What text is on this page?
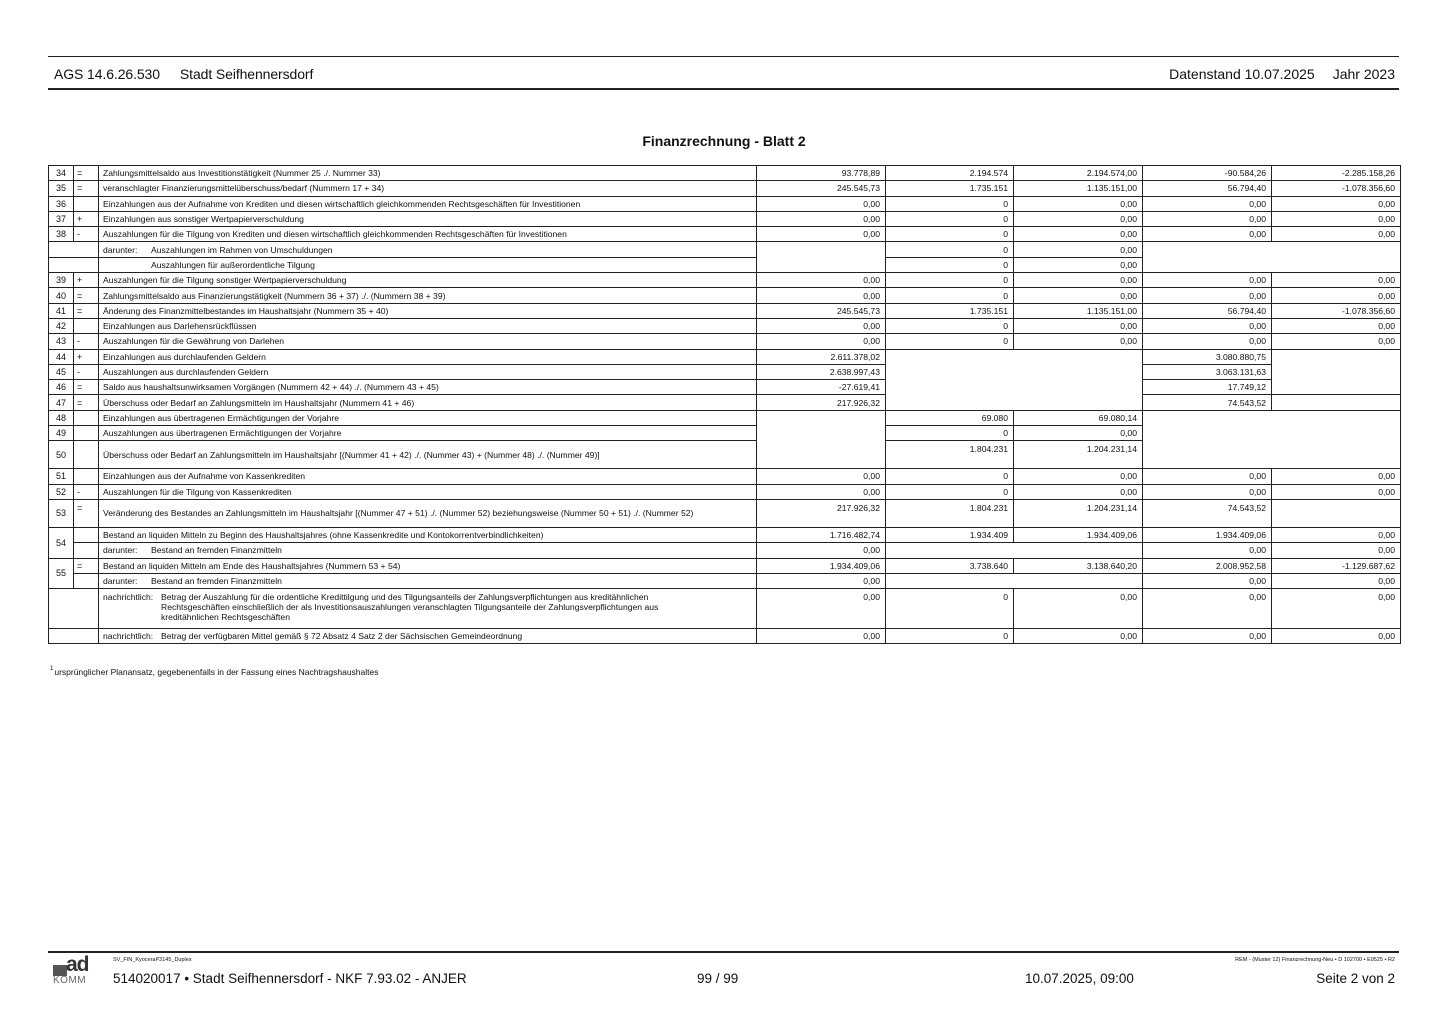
AGS 14.6.26.530 Stadt Seifhennersdorf	Datenstand 10.07.2025 Jahr 2023
Finanzrechnung - Blatt 2
34	=	Zahlungsmittelsaldo aus Investitionstätigkeit (Nummer 25 ./. Nummer 33)	93.778,89	2.194.574	2.194.574,00	-90.584,26	-2.285.158,26
35	=	veranschlagter Finanzierungsmittelüberschuss/bedarf (Nummern 17 + 34)	245.545,73	1.735.151	1.135.151,00	56.794,40	-1.078.356,60
36		Einzahlungen aus der Aufnahme von Krediten und diesen wirtschaftlich gleichkommenden Rechtsgeschäften für Investitionen	0,00	0	0,00	0,00	0,00
37	+	Einzahlungen aus sonstiger Wertpapierverschuldung	0,00	0	0,00	0,00	0,00
38	-	Auszahlungen für die Tilgung von Krediten und diesen wirtschaftlich gleichkommenden Rechtsgeschäften für Investitionen	0,00	0	0,00	0,00	0,00
		darunter: Auszahlungen im Rahmen von Umschuldungen		0	0,00		
		Auszahlungen für außerordentliche Tilgung		0	0,00		
39	+	Auszahlungen für die Tilgung sonstiger Wertpapierverschuldung	0,00	0	0,00	0,00	0,00
40	=	Zahlungsmittelsaldo aus Finanzierungstätigkeit (Nummern 36 + 37) ./. (Nummern 38 + 39)	0,00	0	0,00	0,00	0,00
41	=	Änderung des Finanzmittelbestandes im Haushaltsjahr (Nummern 35 + 40)	245.545,73	1.735.151	1.135.151,00	56.794,40	-1.078.356,60
42		Einzahlungen aus Darlehensrückflüssen	0,00	0	0,00	0,00	0,00
43	-	Auszahlungen für die Gewährung von Darlehen	0,00	0	0,00	0,00	0,00
44	+	Einzahlungen aus durchlaufenden Geldern	2.611.378,02			3.080.880,75	
45	-	Auszahlungen aus durchlaufenden Geldern	2.638.997,43			3.063.131,63	
46	=	Saldo aus haushaltsunwirksamen Vorgängen (Nummern 42 + 44) ./. (Nummern 43 + 45)	-27.619,41			17.749,12	
47	=	Überschuss oder Bedarf an Zahlungsmitteln im Haushaltsjahr (Nummern 41 + 46)	217.926,32			74.543,52	
48		Einzahlungen aus übertragenen Ermächtigungen der Vorjahre		69.080	69.080,14		
49		Auszahlungen aus übertragenen Ermächtigungen der Vorjahre		0	0,00		
50		Überschuss oder Bedarf an Zahlungsmitteln im Haushaltsjahr [(Nummer 41 + 42) ./. (Nummer 43) + (Nummer 48) ./. (Nummer 49)]		1.804.231	1.204.231,14		
51		Einzahlungen aus der Aufnahme von Kassenkrediten	0,00	0	0,00	0,00	0,00
52	-	Auszahlungen für die Tilgung von Kassenkrediten	0,00	0	0,00	0,00	0,00
53	=	Veränderung des Bestandes an Zahlungsmitteln im Haushaltsjahr [(Nummer 47 + 51) ./. (Nummer 52) beziehungsweise (Nummer 50 + 51) ./. (Nummer 52)	217.926,32	1.804.231	1.204.231,14	74.543,52	
54		Bestand an liquiden Mitteln zu Beginn des Haushaltsjahres (ohne Kassenkredite und Kontokorrentverbindlichkeiten)	1.716.482,74	1.934.409	1.934.409,06	1.934.409,06	0,00
		darunter: Bestand an fremden Finanzmitteln	0,00			0,00	0,00
55	=	Bestand an liquiden Mitteln am Ende des Haushaltsjahres (Nummern 53 + 54)	1.934.409,06	3.738.640	3.138.640,20	2.008.952,58	-1.129.687,62
		darunter: Bestand an fremden Finanzmitteln	0,00			0,00	0,00
		nachrichtlich: Betrag der Auszahlung für die ordentliche Kredittilgung und des Tilgungsanteils der Zahlungsverpflichtungen aus kreditähnlichen Rechtsgeschäften einschließlich der als Investitionsauszahlungen veranschlagten Tilgungsanteile der Zahlungsverpflichtungen aus kreditähnlichen Rechtsgeschäften	0,00	0	0,00	0,00	0,00
		nachrichtlich: Betrag der verfügbaren Mittel gemäß § 72 Absatz 4 Satz 2 der Sächsischen Gemeindeordnung	0,00	0	0,00	0,00	0,00
$^1$ursprünglicher Planansatz, gegebenenfalls in der Fassung eines Nachtragshaushaltes
ad
KOMM
SV_FIN_KyoceraP3145_Duplex
514020017 • Stadt Seifhennersdorf - NKF 7.93.02 - ANJER	99 / 99	10.07.2025, 09:00
REM - (Muster 12) Finanzrechnung-Neu • D 102700 • E9525 • R2
Seite 2 von 2
